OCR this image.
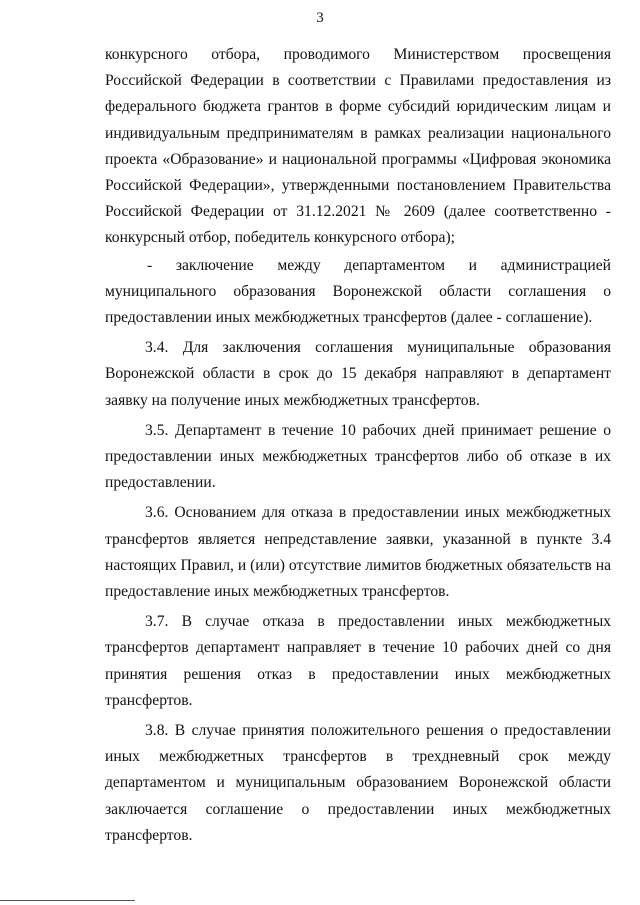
3

конкурсного отбора, проводимого Министерством просвещения Российской Федерации в соответствии с Правилами предоставления из федерального бюджета грантов в форме субсидий юридическим лицам и индивидуальным предпринимателям в рамках реализации национального проекта «Образование» и национальной программы «Цифровая экономика Российской Федерации», утвержденными постановлением Правительства Российской Федерации от 31.12.2021 № 2609 (далее соответственно - конкурсный отбор, победитель конкурсного отбора);

- заключение между департаментом и администрацией муниципального образования Воронежской области соглашения о предоставлении иных межбюджетных трансфертов (далее - соглашение).

3.4. Для заключения соглашения муниципальные образования Воронежской области в срок до 15 декабря направляют в департамент заявку на получение иных межбюджетных трансфертов.

3.5. Департамент в течение 10 рабочих дней принимает решение о предоставлении иных межбюджетных трансфертов либо об отказе в их предоставлении.

3.6. Основанием для отказа в предоставлении иных межбюджетных трансфертов является непредставление заявки, указанной в пункте 3.4 настоящих Правил, и (или) отсутствие лимитов бюджетных обязательств на предоставление иных межбюджетных трансфертов.

3.7. В случае отказа в предоставлении иных межбюджетных трансфертов департамент направляет в течение 10 рабочих дней со дня принятия решения отказ в предоставлении иных межбюджетных трансфертов.

3.8. В случае принятия положительного решения о предоставлении иных межбюджетных трансфертов в трехдневный срок между департаментом и муниципальным образованием Воронежской области заключается соглашение о предоставлении иных межбюджетных трансфертов.
